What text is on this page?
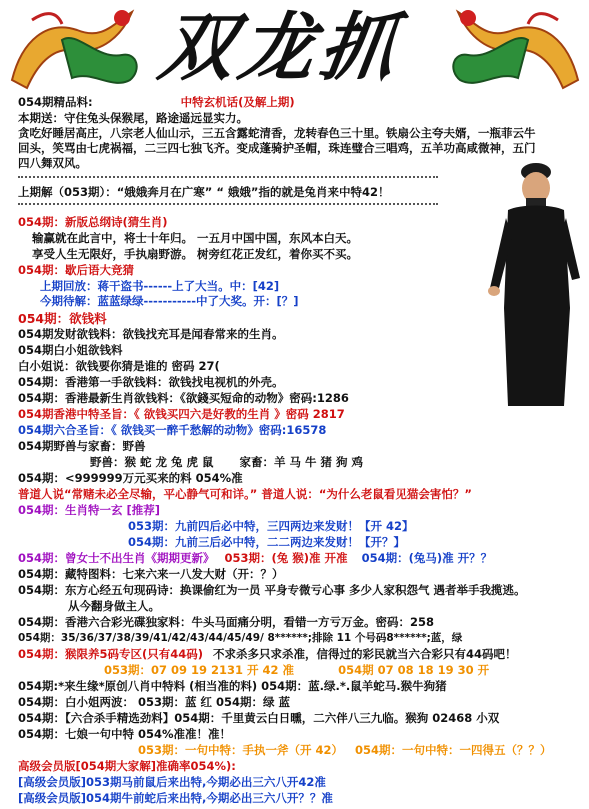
双龙抓
054期精品料:	中特玄机话(及解上期)
本期送：守住兔头保猴尾，路途遥远显实力。
贪吃好睡居高庄，八宗老人仙山示，三五含露蛇清香，龙转春色三十里。铁扇公主夸夫婿，一瓶菲云牛
回头，笑骂由七虎祸福，二三四七独飞齐。变成蓬骑护圣帽，珠连璧合三唱鸡，五羊功高咸微神，五门
四八舞双风。
上期解（053期）：“娥娥奔月在广寒” “ 娥娥”指的就是兔肖来中特42！
054期：新版总纲诗(猜生肖)
输赢就在此言中，将士十年归。 一五月中国中国，东风本白天。
享受人生无限好，手执扇野游。 树旁红花正发红，着你买不买。
054期：歇后语大竞猜
上期回放：蒋干盗书------上了大当。中：[42]
今期待解：蓝蓝绿绿-----------中了大奖。开：[？]
054期：欲钱料
054期发财欲钱料：欲钱找充耳是闻春常来的生肖。
054期白小姐欲钱料
白小姐说：欲钱要你猜是谁的 密码 27(
054期：香港第一手欲钱料：欲钱找电视机的外壳。
054期：香港最新生肖欲钱料：《欲錢买短命的动物》密码:1286
054期香港中特圣旨：《 欲钱买四六是好教的生肖 》密码 2817
054期六合圣旨：《 欲钱买一醉千愁解的动物》密码:16578
054期野兽与家畜：野兽
野兽：猴 蛇 龙 兔 虎 鼠 家畜：羊 马 牛 猪 狗 鸡
054期：<999999万元买来的料 054%准
普道人说“常赌未必全尽输，平心静气可和详。” 普道人说：“为什么老鼠看见猫会害怕？”
054期：生肖特一玄 [推荐]
053期：九前四后必中特，三四两边来发财！【开 42】
054期：九前三后必中特，二二两边来发财！【开？】
054期：曾女士不出生肖《期期更新》 053期：(兔 猴)准 开准 054期：(兔马)准 开？？
054期：藏特图料：七来六来一八发大财（开：？）
054期：东方心经五句现码诗：换课偷红为一员 平身专微亏心事 多少人家积怨气 遇者举手我揽逃。
从今翻身做主人。
054期：香港六合彩光碟独家料：牛头马面痛分明，看错一方亏万金。密码：258
054期：35/36/37/38/39/41/42/43/44/45/49/ 8******;排除 11 个号码8******;蓝，绿
054期：猴限养5码专区(只有44码) 不求杀多只求杀准，信得过的彩民就当六合彩只有44码吧！
053期：07 09 19 2131 开 42 准	054期 07 08 18 19 30 开
054期:*来生缘*原创八肖中特料 (相当准的料) 054期：蓝.绿.*.鼠羊蛇马.猴牛狗猪
054期：白小姐两波： 053期：蓝 红 054期：绿 蓝
054期：【六合杀手精选劲料】054期：千里黄云白日曛，二六伴八三九临。猴狗 02468 小双
054期：七娘一句中特 054%准准！准！
053期：一句中特：手执一斧（开 42） 054期：一句中特：一四得五（？？）
高级会员版[054期大家解]准确率054%):
[高级会员版]053期马前鼠后来出特,今期必出三六八开42准
[高级会员版]054期牛前蛇后来出特,今期必出三六八开？？准
